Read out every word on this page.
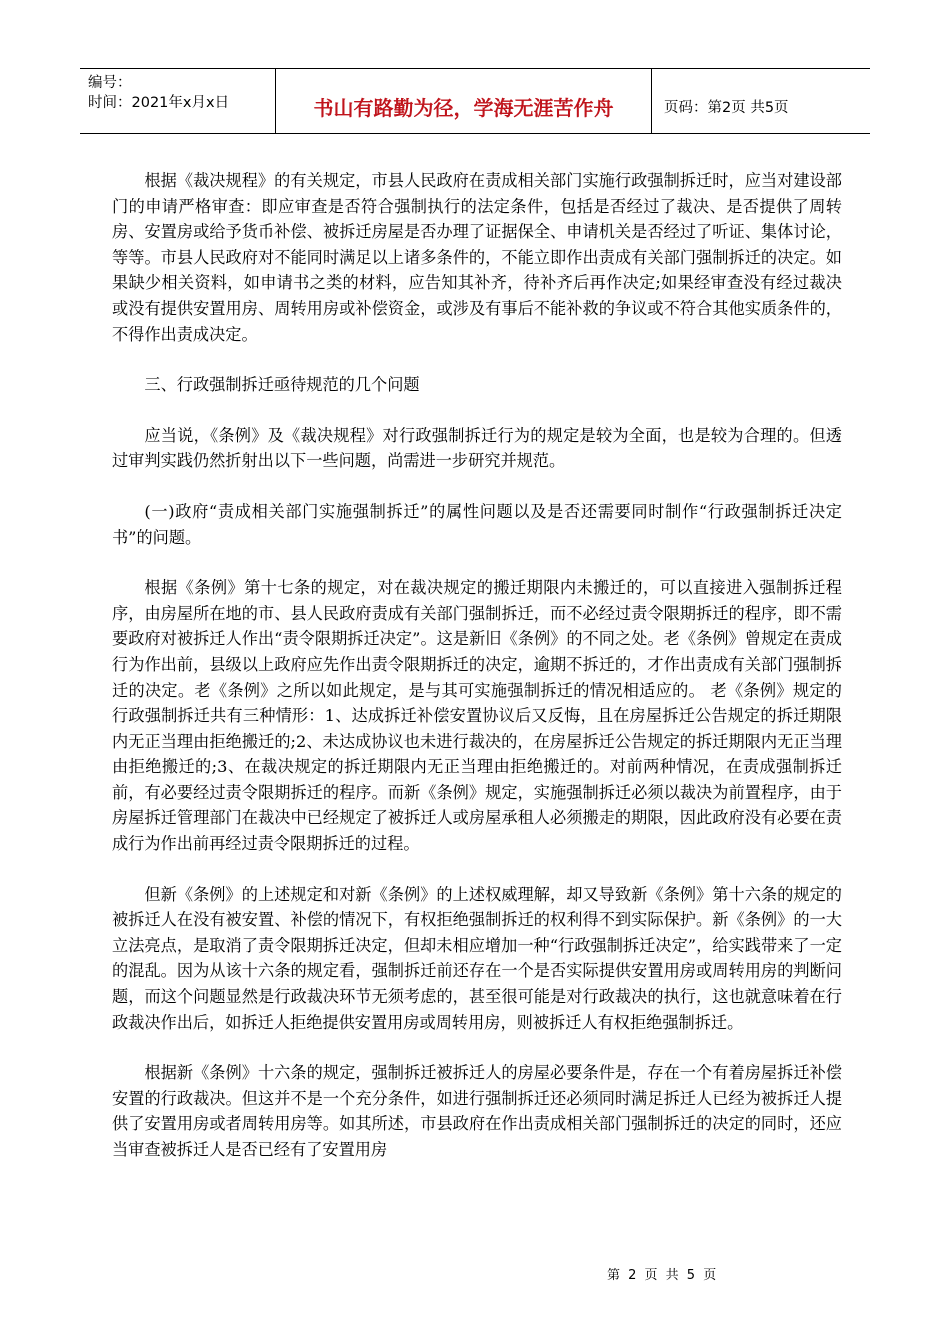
编号：
时间：2021年x月x日	书山有路勤为径，学海无涯苦作舟	页码：第2页 共5页

根据《裁决规程》的有关规定，市县人民政府在责成相关部门实施行政强制拆迁时，应当对建设部门的申请严格审查：即应审查是否符合强制执行的法定条件，包括是否经过了裁决、是否提供了周转房、安置房或给予货币补偿、被拆迁房屋是否办理了证据保全、申请机关是否经过了听证、集体讨论，等等。市县人民政府对不能同时满足以上诸多条件的，不能立即作出责成有关部门强制拆迁的决定。如果缺少相关资料，如申请书之类的材料，应告知其补齐，待补齐后再作决定;如果经审查没有经过裁决或没有提供安置用房、周转用房或补偿资金，或涉及有事后不能补救的争议或不符合其他实质条件的，不得作出责成决定。

三、行政强制拆迁亟待规范的几个问题

应当说，《条例》及《裁决规程》对行政强制拆迁行为的规定是较为全面，也是较为合理的。但透过审判实践仍然折射出以下一些问题，尚需进一步研究并规范。

(一)政府“责成相关部门实施强制拆迁”的属性问题以及是否还需要同时制作“行政强制拆迁决定书”的问题。

根据《条例》第十七条的规定，对在裁决规定的搬迁期限内未搬迁的，可以直接进入强制拆迁程序，由房屋所在地的市、县人民政府责成有关部门强制拆迁，而不必经过责令限期拆迁的程序，即不需要政府对被拆迁人作出“责令限期拆迁决定”。这是新旧《条例》的不同之处。老《条例》曾规定在责成行为作出前，县级以上政府应先作出责令限期拆迁的决定，逾期不拆迁的，才作出责成有关部门强制拆迁的决定。老《条例》之所以如此规定，是与其可实施强制拆迁的情况相适应的。 老《条例》规定的行政强制拆迁共有三种情形：1、达成拆迁补偿安置协议后又反悔，且在房屋拆迁公告规定的拆迁期限内无正当理由拒绝搬迁的;2、未达成协议也未进行裁决的，在房屋拆迁公告规定的拆迁期限内无正当理由拒绝搬迁的;3、在裁决规定的拆迁期限内无正当理由拒绝搬迁的。对前两种情况，在责成强制拆迁前，有必要经过责令限期拆迁的程序。而新《条例》规定，实施强制拆迁必须以裁决为前置程序，由于房屋拆迁管理部门在裁决中已经规定了被拆迁人或房屋承租人必须搬走的期限，因此政府没有必要在责成行为作出前再经过责令限期拆迁的过程。

但新《条例》的上述规定和对新《条例》的上述权威理解，却又导致新《条例》第十六条的规定的被拆迁人在没有被安置、补偿的情况下，有权拒绝强制拆迁的权利得不到实际保护。新《条例》的一大立法亮点，是取消了责令限期拆迁决定，但却未相应增加一种“行政强制拆迁决定”，给实践带来了一定的混乱。因为从该十六条的规定看，强制拆迁前还存在一个是否实际提供安置用房或周转用房的判断问题，而这个问题显然是行政裁决环节无须考虑的，甚至很可能是对行政裁决的执行，这也就意味着在行政裁决作出后，如拆迁人拒绝提供安置用房或周转用房，则被拆迁人有权拒绝强制拆迁。

根据新《条例》十六条的规定，强制拆迁被拆迁人的房屋必要条件是，存在一个有着房屋拆迁补偿安置的行政裁决。但这并不是一个充分条件，如进行强制拆迁还必须同时满足拆迁人已经为被拆迁人提供了安置用房或者周转用房等。如其所述，市县政府在作出责成相关部门强制拆迁的决定的同时，还应当审查被拆迁人是否已经有了安置用房

第 2 页 共 5 页
